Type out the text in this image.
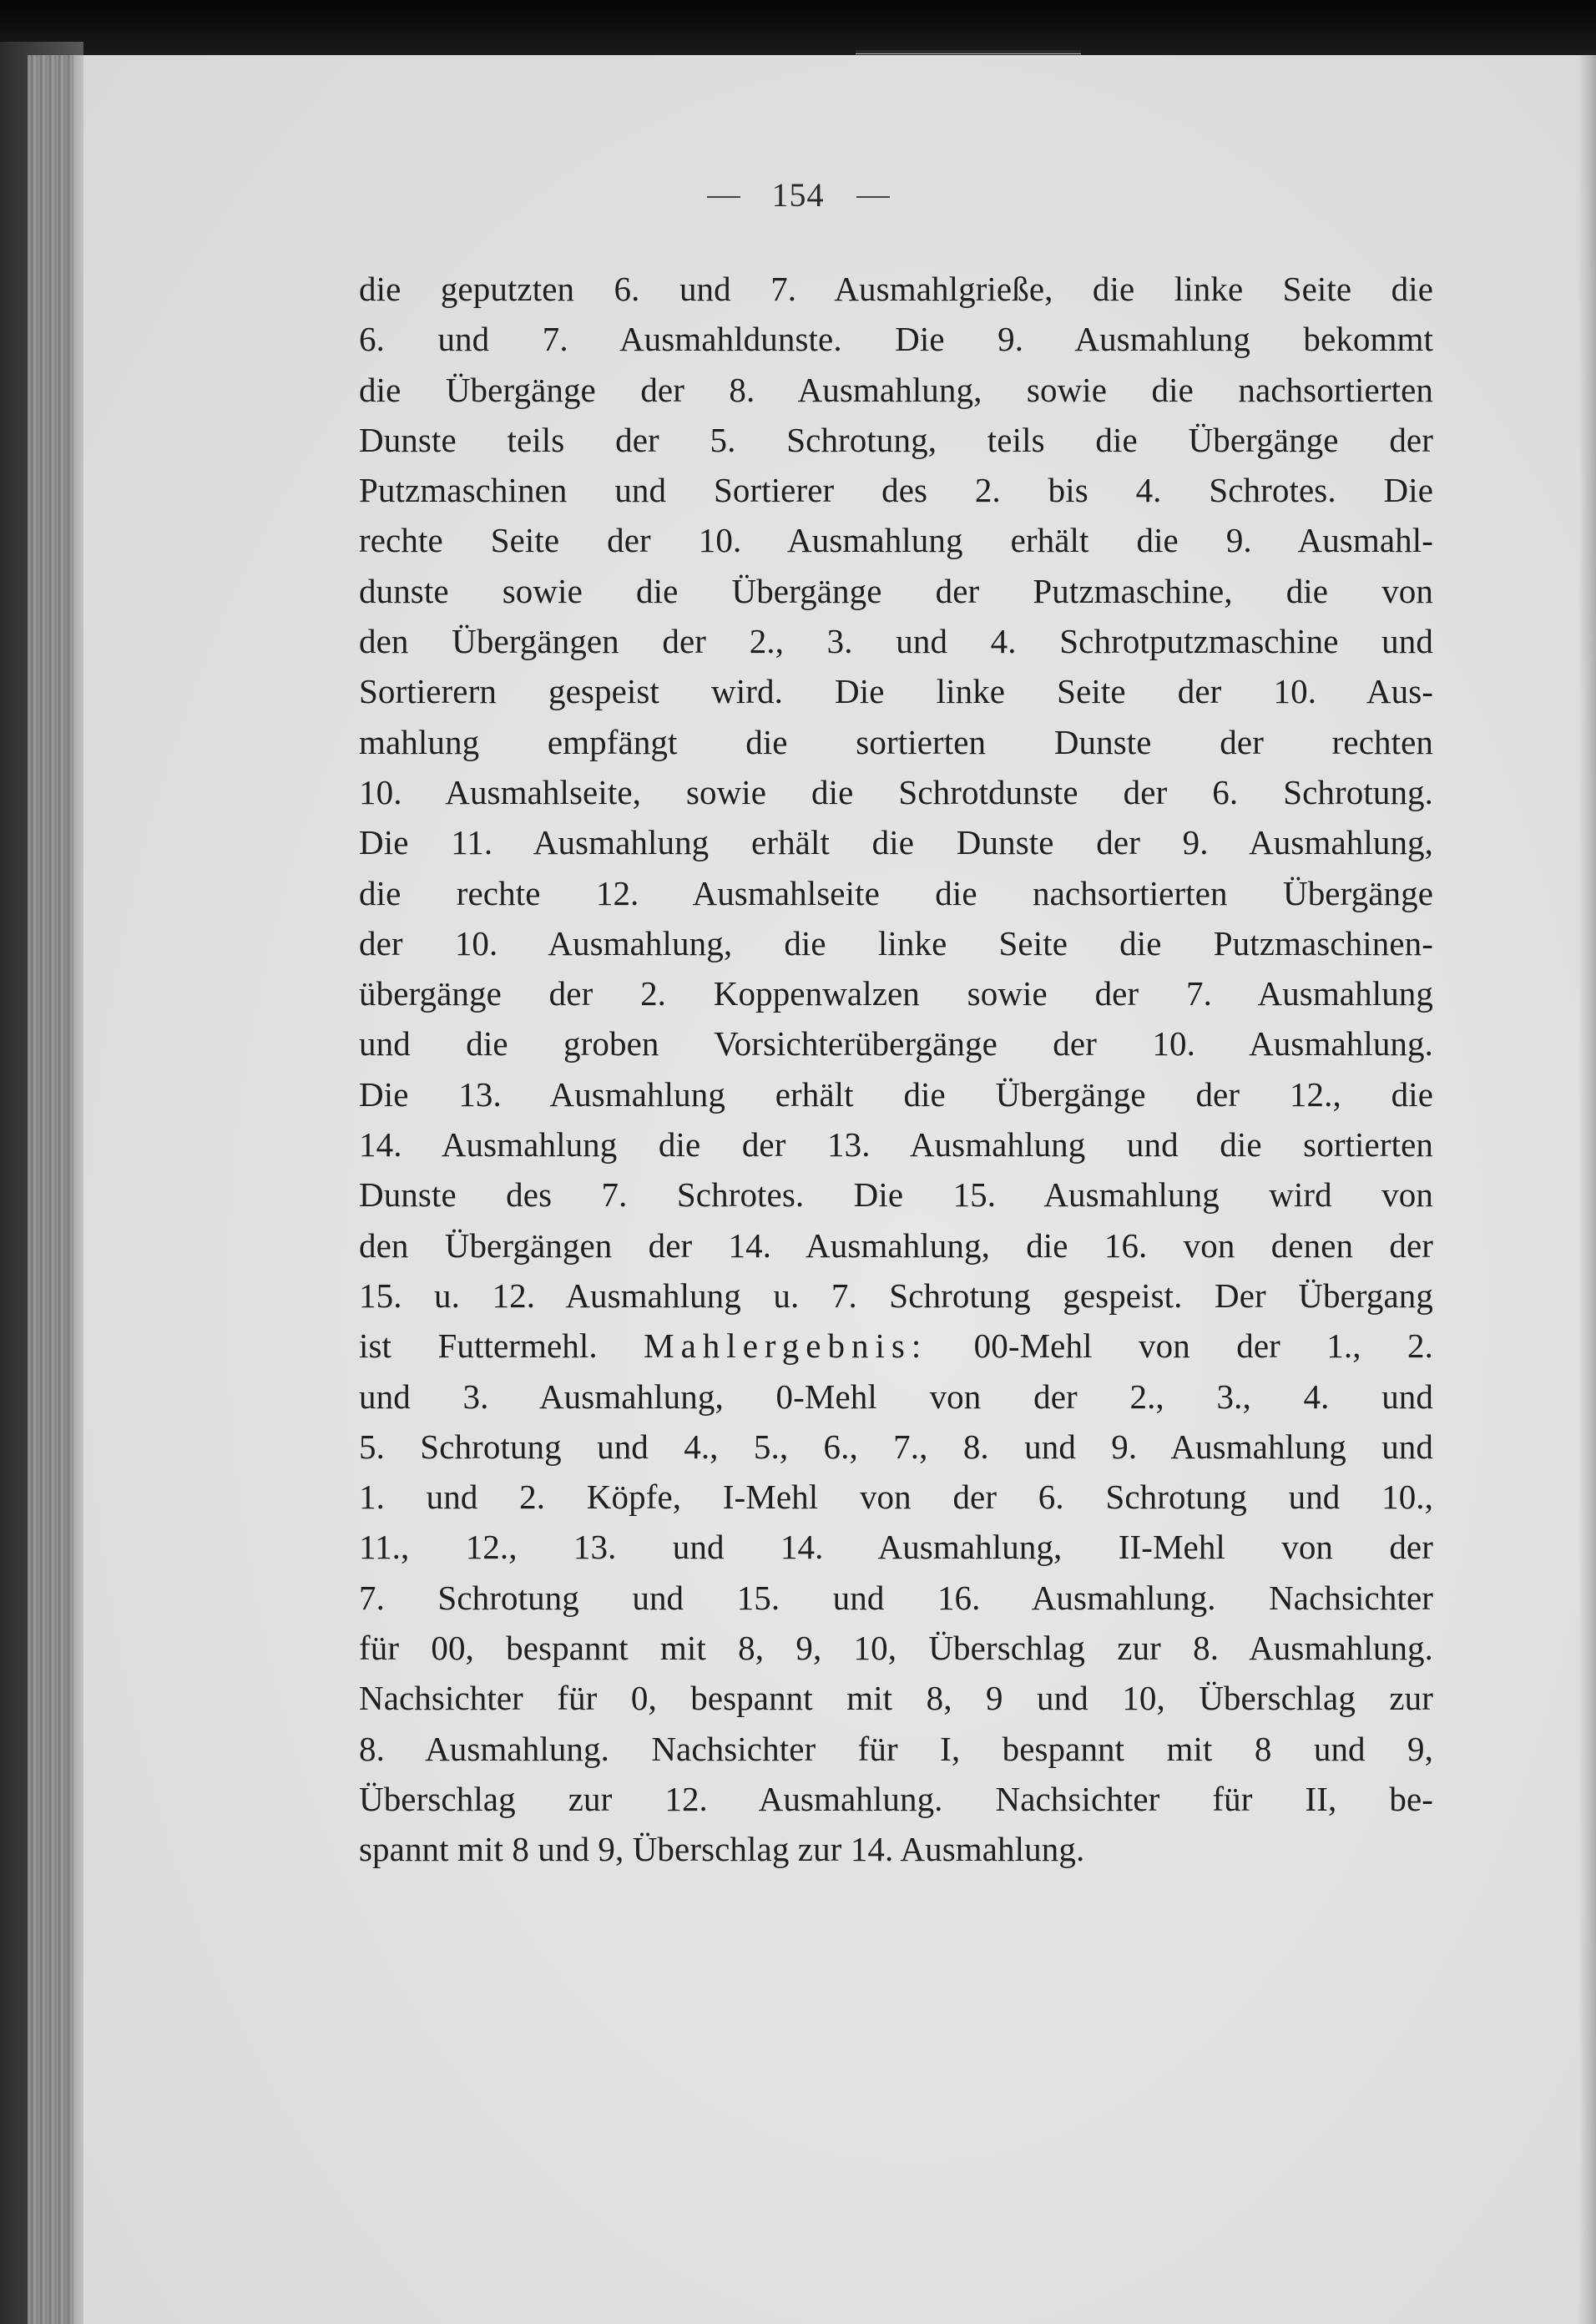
154
die geputzten 6. und 7. Ausmahlgrieße, die linke Seite die
6. und 7. Ausmahldunste. Die 9. Ausmahlung bekommt
die Übergänge der 8. Ausmahlung, sowie die nachsortierten
Dunste teils der 5. Schrotung, teils die Übergänge der
Putzmaschinen und Sortierer des 2. bis 4. Schrotes. Die
rechte Seite der 10. Ausmahlung erhält die 9. Ausmahl-
dunste sowie die Übergänge der Putzmaschine, die von
den Übergängen der 2., 3. und 4. Schrotputzmaschine und
Sortierern gespeist wird. Die linke Seite der 10. Aus-
mahlung empfängt die sortierten Dunste der rechten
10. Ausmahlseite, sowie die Schrotdunste der 6. Schrotung.
Die 11. Ausmahlung erhält die Dunste der 9. Ausmahlung,
die rechte 12. Ausmahlseite die nachsortierten Übergänge
der 10. Ausmahlung, die linke Seite die Putzmaschinen-
übergänge der 2. Koppenwalzen sowie der 7. Ausmahlung
und die groben Vorsichterübergänge der 10. Ausmahlung.
Die 13. Ausmahlung erhält die Übergänge der 12., die
14. Ausmahlung die der 13. Ausmahlung und die sortierten
Dunste des 7. Schrotes. Die 15. Ausmahlung wird von
den Übergängen der 14. Ausmahlung, die 16. von denen der
15. u. 12. Ausmahlung u. 7. Schrotung gespeist. Der Übergang
ist Futtermehl. Mahlergebnis: 00-Mehl von der 1., 2.
und 3. Ausmahlung, 0-Mehl von der 2., 3., 4. und
5. Schrotung und 4., 5., 6., 7., 8. und 9. Ausmahlung und
1. und 2. Köpfe, I-Mehl von der 6. Schrotung und 10.,
11., 12., 13. und 14. Ausmahlung, II-Mehl von der
7. Schrotung und 15. und 16. Ausmahlung. Nachsichter
für 00, bespannt mit 8, 9, 10, Überschlag zur 8. Ausmahlung.
Nachsichter für 0, bespannt mit 8, 9 und 10, Überschlag zur
8. Ausmahlung. Nachsichter für I, bespannt mit 8 und 9,
Überschlag zur 12. Ausmahlung. Nachsichter für II, be-
spannt mit 8 und 9, Überschlag zur 14. Ausmahlung.
